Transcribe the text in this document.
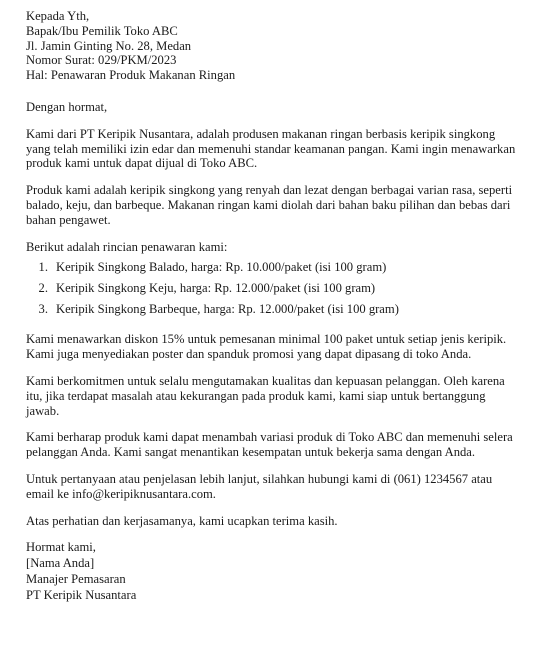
Kepada Yth,
Bapak/Ibu Pemilik Toko ABC
Jl. Jamin Ginting No. 28, Medan
Nomor Surat: 029/PKM/2023
Hal: Penawaran Produk Makanan Ringan
Dengan hormat,
Kami dari PT Keripik Nusantara, adalah produsen makanan ringan berbasis keripik singkong
yang telah memiliki izin edar dan memenuhi standar keamanan pangan. Kami ingin menawarkan
produk kami untuk dapat dijual di Toko ABC.
Produk kami adalah keripik singkong yang renyah dan lezat dengan berbagai varian rasa, seperti
balado, keju, dan barbeque. Makanan ringan kami diolah dari bahan baku pilihan dan bebas dari
bahan pengawet.
Berikut adalah rincian penawaran kami:
1. Keripik Singkong Balado, harga: Rp. 10.000/paket (isi 100 gram)
2. Keripik Singkong Keju, harga: Rp. 12.000/paket (isi 100 gram)
3. Keripik Singkong Barbeque, harga: Rp. 12.000/paket (isi 100 gram)
Kami menawarkan diskon 15% untuk pemesanan minimal 100 paket untuk setiap jenis keripik.
Kami juga menyediakan poster dan spanduk promosi yang dapat dipasang di toko Anda.
Kami berkomitmen untuk selalu mengutamakan kualitas dan kepuasan pelanggan. Oleh karena
itu, jika terdapat masalah atau kekurangan pada produk kami, kami siap untuk bertanggung
jawab.
Kami berharap produk kami dapat menambah variasi produk di Toko ABC dan memenuhi selera
pelanggan Anda. Kami sangat menantikan kesempatan untuk bekerja sama dengan Anda.
Untuk pertanyaan atau penjelasan lebih lanjut, silahkan hubungi kami di (061) 1234567 atau
email ke info@keripiknusantara.com.
Atas perhatian dan kerjasamanya, kami ucapkan terima kasih.
Hormat kami,
[Nama Anda]
Manajer Pemasaran
PT Keripik Nusantara
